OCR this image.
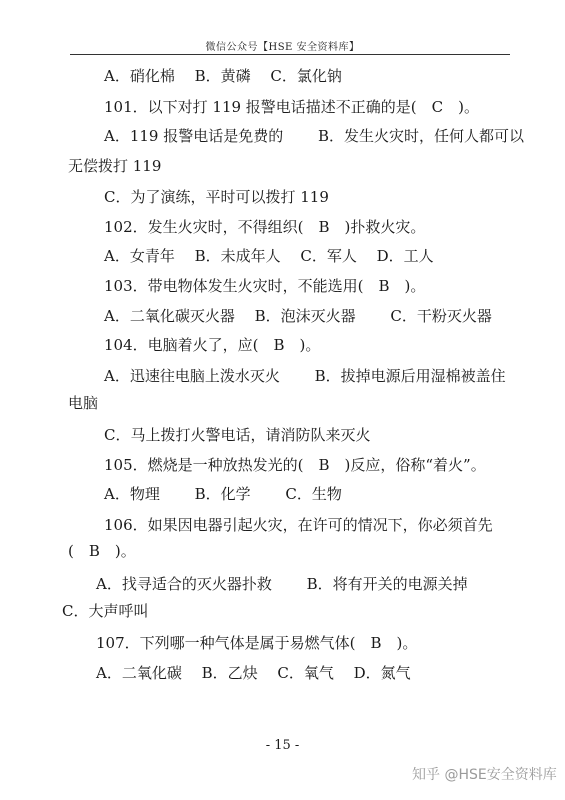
微信公众号【HSE 安全资料库】
A．硝化棉　 B．黄磷　 C．氯化钠
101．以下对打 119 报警电话描述不正确的是(　C　)。
A．119 报警电话是免费的　　 B．发生火灾时，任何人都可以
无偿拨打 119
C．为了演练，平时可以拨打 119
102．发生火灾时，不得组织(　B　)扑救火灾。
A．女青年　 B．未成年人　 C．军人　 D．工人
103．带电物体发生火灾时，不能选用(　B　)。
A．二氧化碳灭火器　 B．泡沫灭火器　　 C．干粉灭火器
104．电脑着火了，应(　B　)。
A．迅速往电脑上泼水灭火　　 B．拔掉电源后用湿棉被盖住
电脑
C．马上拨打火警电话，请消防队来灭火
105．燃烧是一种放热发光的(　B　)反应，俗称“着火”。
A．物理　　 B．化学　　 C．生物
106．如果因电器引起火灾，在许可的情况下，你必须首先
(　B　)。
A．找寻适合的灭火器扑救　　 B．将有开关的电源关掉
C．大声呼叫
107．下列哪一种气体是属于易燃气体(　B　)。
A．二氧化碳　 B．乙炔　 C．氧气　 D．氮气
- 15 -
知乎 @HSE安全资料库
